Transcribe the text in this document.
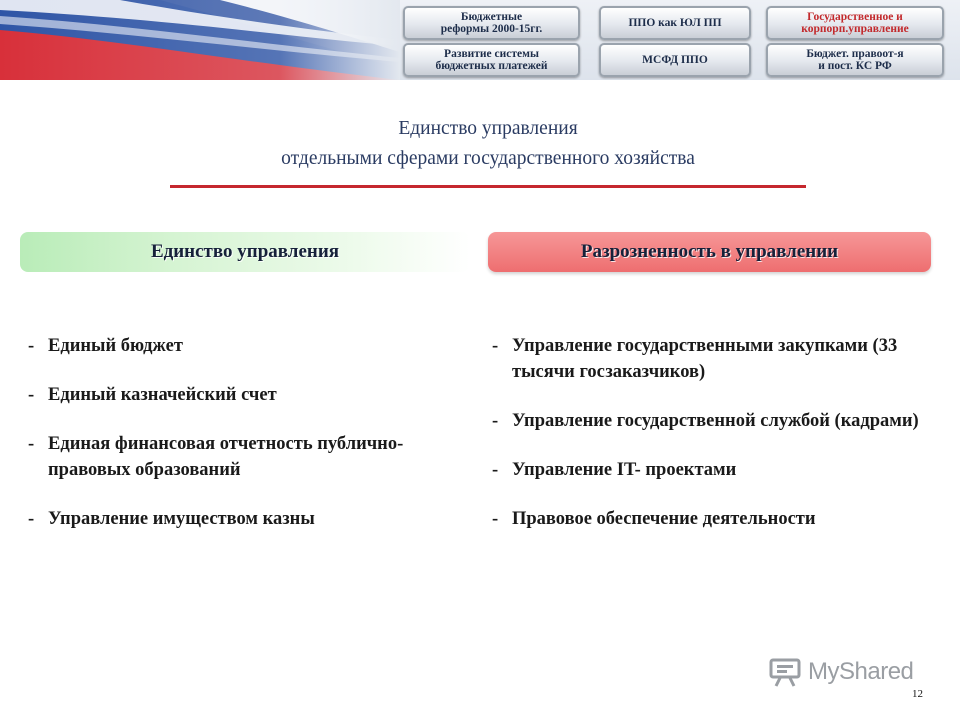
Бюджетные
реформы 2000-15гг.	ППО как ЮЛ ПП	Государственное и
корпорп.управление
Развитие системы
бюджетных платежей	МСФД ППО	Бюджет. правоот-я
и пост. КС РФ
Единство управления
отдельными сферами государственного хозяйства
Единство управления	Разрозненность в управлении
- Единый бюджет
- Единый казначейский счет
- Единая финансовая отчетность публично-правовых образований
- Управление имуществом казны
- Управление государственными закупками (33 тысячи госзаказчиков)
- Управление государственной службой (кадрами)
- Управление IT- проектами
- Правовое обеспечение деятельности
MyShared
12
